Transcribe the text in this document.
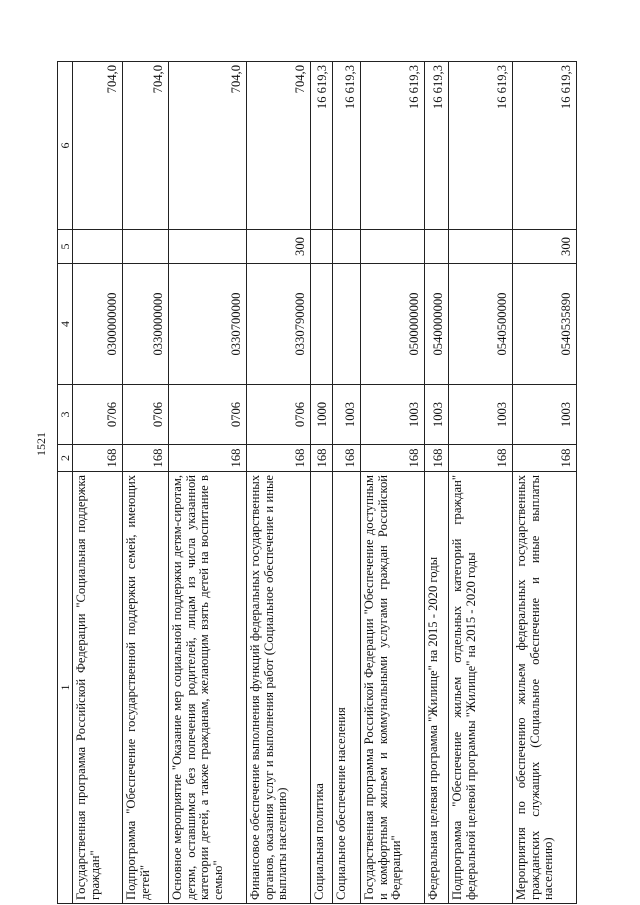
1521
1	2	3	4	5	6
Государственная программа Российской Федерации "Социальная поддержка граждан"	168	0706	0300000000		704,0
Подпрограмма "Обеспечение государственной поддержки семей, имеющих детей"	168	0706	0330000000		704,0
Основное мероприятие "Оказание мер социальной поддержки детям-сиротам, детям, оставшимся без попечения родителей, лицам из числа указанной категории детей, а также гражданам, желающим взять детей на воспитание в семью"	168	0706	0330700000		704,0
Финансовое обеспечение выполнения функций федеральных государственных органов, оказания услуг и выполнения работ (Социальное обеспечение и иные выплаты населению)	168	0706	0330790000	300	704,0
Социальная политика	168	1000			16 619,3
Социальное обеспечение населения	168	1003			16 619,3
Государственная программа Российской Федерации "Обеспечение доступным и комфортным жильем и коммунальными услугами граждан Российской Федерации"	168	1003	0500000000		16 619,3
Федеральная целевая программа "Жилище" на 2015 - 2020 годы	168	1003	0540000000		16 619,3
Подпрограмма "Обеспечение жильем отдельных категорий граждан" федеральной целевой программы "Жилище" на 2015 - 2020 годы	168	1003	0540500000		16 619,3
Мероприятия по обеспечению жильем федеральных государственных гражданских служащих (Социальное обеспечение и иные выплаты населению)	168	1003	0540535890	300	16 619,3
